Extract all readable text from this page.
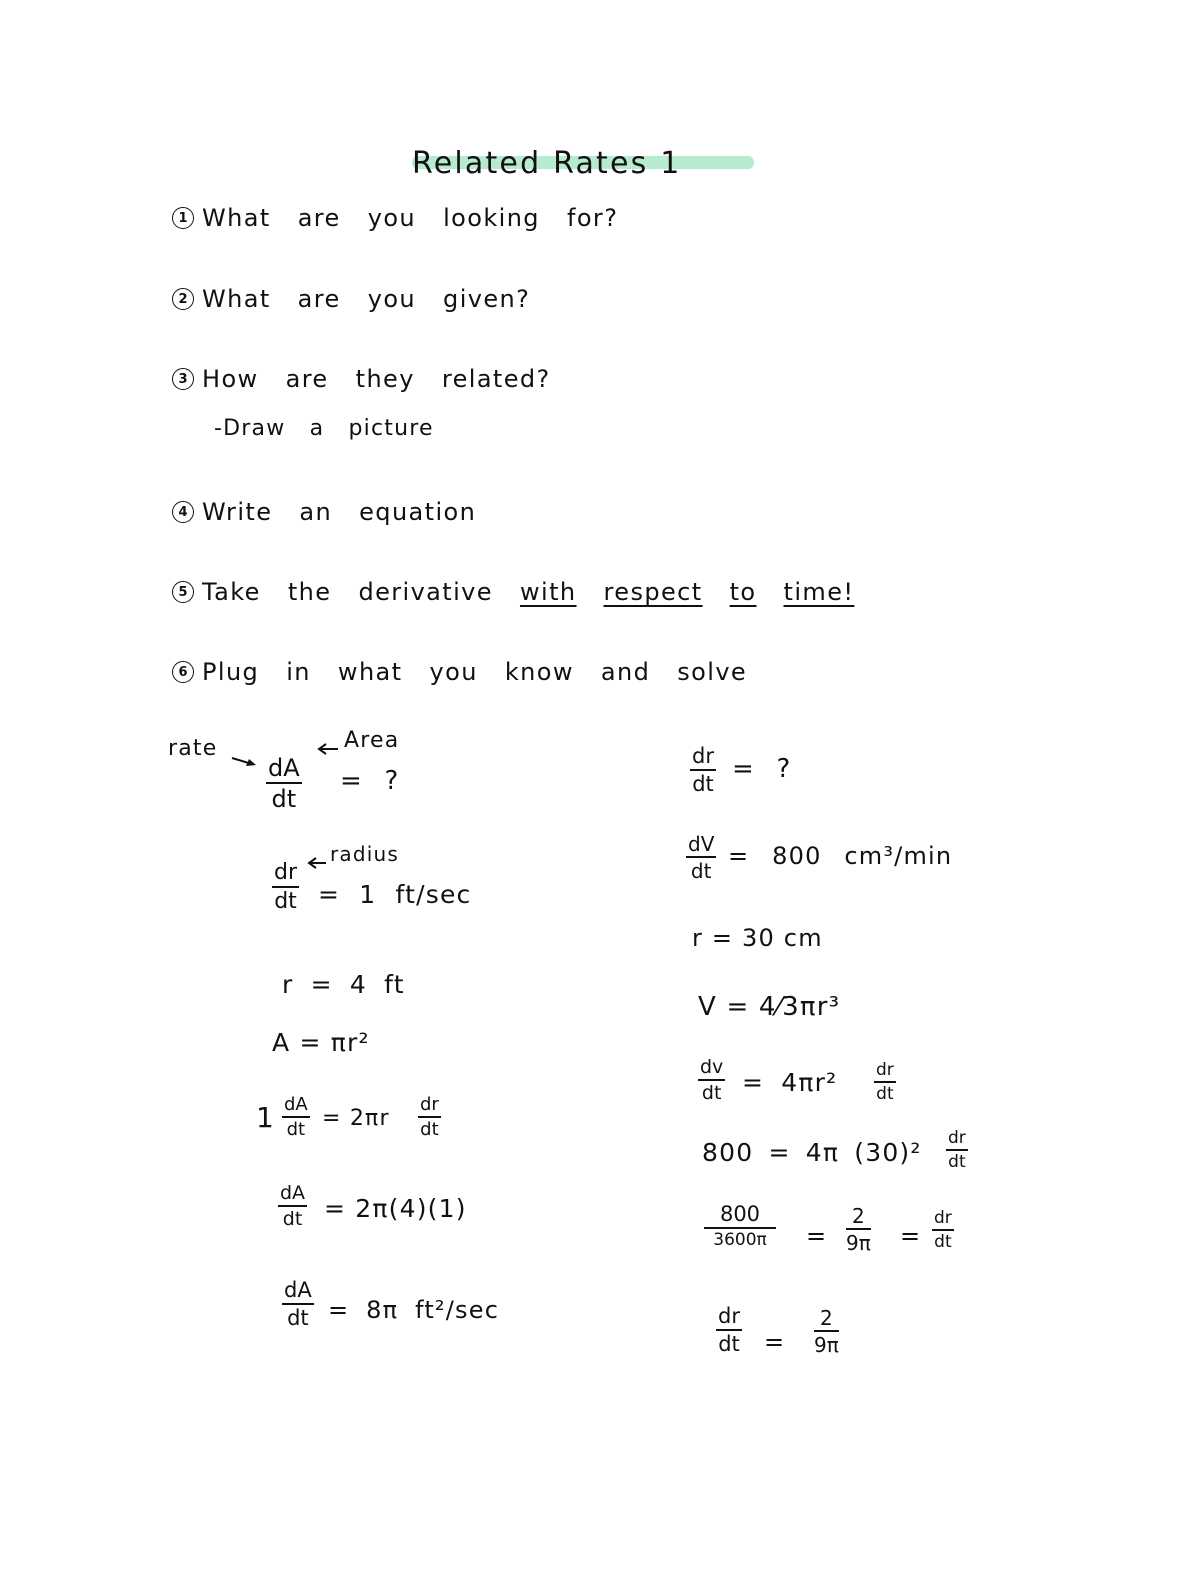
Related Rates 1
1 What are you looking for?
2 What are you given?
3 How are they related?
-Draw a picture
4 Write an equation
5 Take the derivative with respect to time!
6 Plug in what you know and solve
rate
dA
dt
Area
= ?
dr
dt
radius
= 1 ft/sec
r = 4 ft
A = πr²
1 dA
dt = 2πr
dr
dt
dA
dt = 2π(4)(1)
dA
dt = 8π ft²/sec
dr
dt = ?
dV
dt
= 800 cm³/min
r = 30 cm
V = 4⁄3πr³
dv
dt = 4πr² dr
dt
800 = 4π (30)² dr
dt
800
3600π =
2
9π =
dr
dt
dr
dt =
2
9π
